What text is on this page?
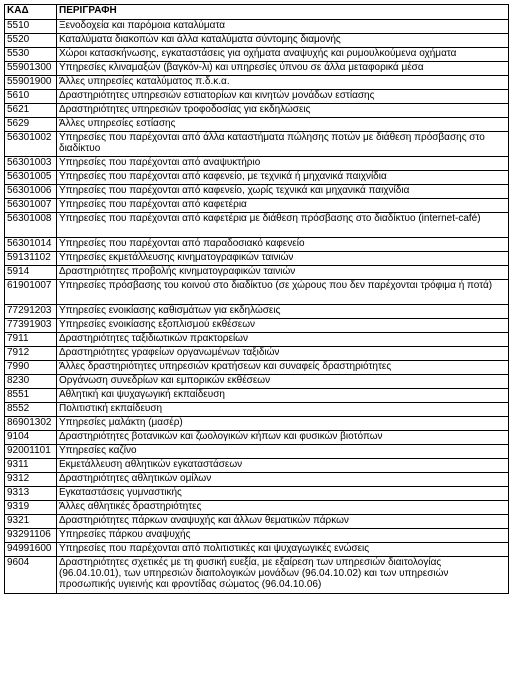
ΚΑΔ	ΠΕΡΙΓΡΑΦΗ
5510	Ξενοδοχεία και παρόμοια καταλύματα
5520	Καταλύματα διακοπών και άλλα καταλύματα σύντομης διαμονής
5530	Χώροι κατασκήνωσης, εγκαταστάσεις για οχήματα αναψυχής και ρυμουλκούμενα οχήματα
55901300	Υπηρεσίες κλιναμαξών (βαγκόν-λι) και υπηρεσίες ύπνου σε άλλα μεταφορικά μέσα
55901900	Άλλες υπηρεσίες καταλύματος π.δ.κ.α.
5610	Δραστηριότητες υπηρεσιών εστιατορίων και κινητών μονάδων εστίασης
5621	Δραστηριότητες υπηρεσιών τροφοδοσίας για εκδηλώσεις
5629	Άλλες υπηρεσίες εστίασης
56301002	Υπηρεσίες που παρέχονται από άλλα καταστήματα πώλησης ποτών με διάθεση πρόσβασης στο διαδίκτυο
56301003	Υπηρεσίες που παρέχονται από αναψυκτήριο
56301005	Υπηρεσίες που παρέχονται από καφενείο, με τεχνικά ή μηχανικά παιχνίδια
56301006	Υπηρεσίες που παρέχονται από καφενείο, χωρίς τεχνικά και μηχανικά παιχνίδια
56301007	Υπηρεσίες που παρέχονται από καφετέρια
56301008	Υπηρεσίες που παρέχονται από καφετέρια με διάθεση πρόσβασης στο διαδίκτυο (internet-café)
56301014	Υπηρεσίες που παρέχονται από παραδοσιακό καφενείο
59131102	Υπηρεσίες εκμετάλλευσης κινηματογραφικών ταινιών
5914	Δραστηριότητες προβολής κινηματογραφικών ταινιών
61901007	Υπηρεσίες πρόσβασης του κοινού στο διαδίκτυο (σε χώρους που δεν παρέχονται τρόφιμα ή ποτά)
77291203	Υπηρεσίες ενοικίασης καθισμάτων για εκδηλώσεις
77391903	Υπηρεσίες ενοικίασης εξοπλισμού εκθέσεων
7911	Δραστηριότητες ταξιδιωτικών πρακτορείων
7912	Δραστηριότητες γραφείων οργανωμένων ταξιδιών
7990	Άλλες δραστηριότητες υπηρεσιών κρατήσεων και συναφείς δραστηριότητες
8230	Οργάνωση συνεδρίων και εμπορικών εκθέσεων
8551	Αθλητική και ψυχαγωγική εκπαίδευση
8552	Πολιτιστική εκπαίδευση
86901302	Υπηρεσίες μαλάκτη (μασέρ)
9104	Δραστηριότητες βοτανικών και ζωολογικών κήπων και φυσικών βιοτόπων
92001101	Υπηρεσίες καζίνο
9311	Εκμετάλλευση αθλητικών εγκαταστάσεων
9312	Δραστηριότητες αθλητικών ομίλων
9313	Εγκαταστάσεις γυμναστικής
9319	Άλλες αθλητικές δραστηριότητες
9321	Δραστηριότητες πάρκων αναψυχής και άλλων θεματικών πάρκων
93291106	Υπηρεσίες πάρκου αναψυχής
94991600	Υπηρεσίες που παρέχονται από πολιτιστικές και ψυχαγωγικές ενώσεις
9604	Δραστηριότητες σχετικές με τη φυσική ευεξία, με εξαίρεση των υπηρεσιών διαιτολογίας (96.04.10.01), των υπηρεσιών διαιτολογικών μονάδων (96.04.10.02) και των υπηρεσιών προσωπικής υγιεινής και φροντίδας σώματος (96.04.10.06)
